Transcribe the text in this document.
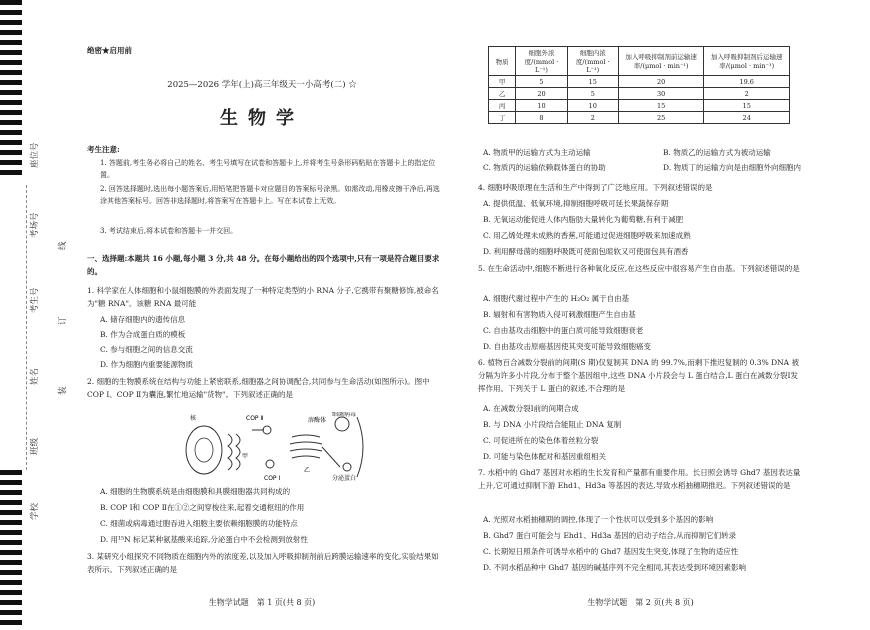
座位号
考场号
考生号
姓名
班级
学校
线
订
装
绝密★启用前
2025—2026 学年(上)高三年级天一小高考(二) ☆
生物学
考生注意:
1. 答题前,考生务必将自己的姓名、考生号填写在试卷和答题卡上,并将考生号条形码粘贴在答题卡上的指定位置。
2. 回答选择题时,选出每小题答案后,用铅笔把答题卡对应题目的答案标号涂黑。如需改动,用橡皮擦干净后,再选涂其他答案标号。回答非选择题时,将答案写在答题卡上。写在本试卷上无效。
3. 考试结束后,将本试卷和答题卡一并交回。
一、选择题:本题共 16 小题,每小题 3 分,共 48 分。在每小题给出的四个选项中,只有一项是符合题目要求的。
1. 科学家在人体细胞和小鼠细胞膜的外表面发现了一种特定类型的小 RNA 分子,它携带有聚糖修饰,被命名为"糖 RNA"。该糖 RNA 最可能
A. 储存细胞内的遗传信息
B. 作为合成蛋白质的模板
C. 参与细胞之间的信息交流
D. 作为细胞内重要能源物质
2. 细胞的生物膜系统在结构与功能上紧密联系,细胞器之间协调配合,共同参与生命活动(如图所示)。图中 COP Ⅰ、COP Ⅱ为囊泡,繁忙地运输"货物"。下列叙述正确的是
核	COP Ⅱ	溶酶体
细菌病毒
COP Ⅰ
甲
乙
分泌蛋白
A. 细胞的生物膜系统是由细胞膜和具膜细胞器共同构成的
B. COP Ⅰ和 COP Ⅱ在①②之间穿梭往来,起着交通枢纽的作用
C. 细菌或病毒通过胞吞进入细胞主要依赖细胞膜的功能特点
D. 用¹⁵N 标记某种氨基酸来追踪,分泌蛋白中不会检测到放射性
3. 某研究小组探究不同物质在细胞内外的浓度差,以及加入呼吸抑制剂前后跨膜运输速率的变化,实验结果如表所示。下列叙述正确的是
生物学试题　第 1 页(共 8 页)
物质	细胞外浓度/(mmol · L⁻¹)	细胞内浓度/(mmol · L⁻¹)	加入呼吸抑制剂前运输速率/(μmol · min⁻¹)	加入呼吸抑制剂后运输速率/(μmol · min⁻¹)
甲	5	15	20	19.6
乙	20	5	30	2
丙	10	10	15	15
丁	8	2	25	24
A. 物质甲的运输方式为主动运输	B. 物质乙的运输方式为被动运输
C. 物质丙的运输依赖载体蛋白的协助	D. 物质丁的运输方向是由细胞外向细胞内
4. 细胞呼吸原理在生活和生产中得到了广泛地应用。下列叙述错误的是
A. 提供低温、低氧环境,抑制细胞呼吸可延长果蔬保存期
B. 无氧运动能促进人体内脂肪大量转化为葡萄糖,有利于减肥
C. 用乙烯处理未成熟的香蕉,可能通过促进细胞呼吸来加速成熟
D. 利用酵母菌的细胞呼吸既可使面包暄软又可使面包具有酒香
5. 在生命活动中,细胞不断进行各种氧化反应,在这些反应中很容易产生自由基。下列叙述错误的是
A. 细胞代谢过程中产生的 H₂O₂ 属于自由基
B. 辐射和有害物质入侵可刺激细胞产生自由基
C. 自由基攻击细胞中的蛋白质可能导致细胞衰老
D. 自由基攻击原癌基因使其突变可能导致细胞癌变
6. 植物百合减数分裂前的间期(S 期)仅复制其 DNA 的 99.7%,而剩下推迟复制的 0.3% DNA 被分隔为许多小片段,分布于整个基因组中,这些 DNA 小片段会与 L 蛋白结合,L 蛋白在减数分裂Ⅰ发挥作用。下列关于 L 蛋白的叙述,不合理的是
A. 在减数分裂Ⅰ前的间期合成
B. 与 DNA 小片段结合能阻止 DNA 复制
C. 可促进所在的染色体着丝粒分裂
D. 可能与染色体配对和基因重组相关
7. 水稻中的 Ghd7 基因对水稻的生长发育和产量都有重要作用。长日照会诱导 Ghd7 基因表达量上升,它可通过抑制下游 Ehd1、Hd3a 等基因的表达,导致水稻抽穗期推迟。下列叙述错误的是
A. 光照对水稻抽穗期的调控,体现了一个性状可以受到多个基因的影响
B. Ghd7 蛋白可能会与 Ehd1、Hd3a 基因的启动子结合,从而抑制它们转录
C. 长期短日照条件可诱导水稻中的 Ghd7 基因发生突变,体现了生物的适应性
D. 不同水稻品种中 Ghd7 基因的碱基序列不完全相同,其表达受到环境因素影响
生物学试题　第 2 页(共 8 页)
